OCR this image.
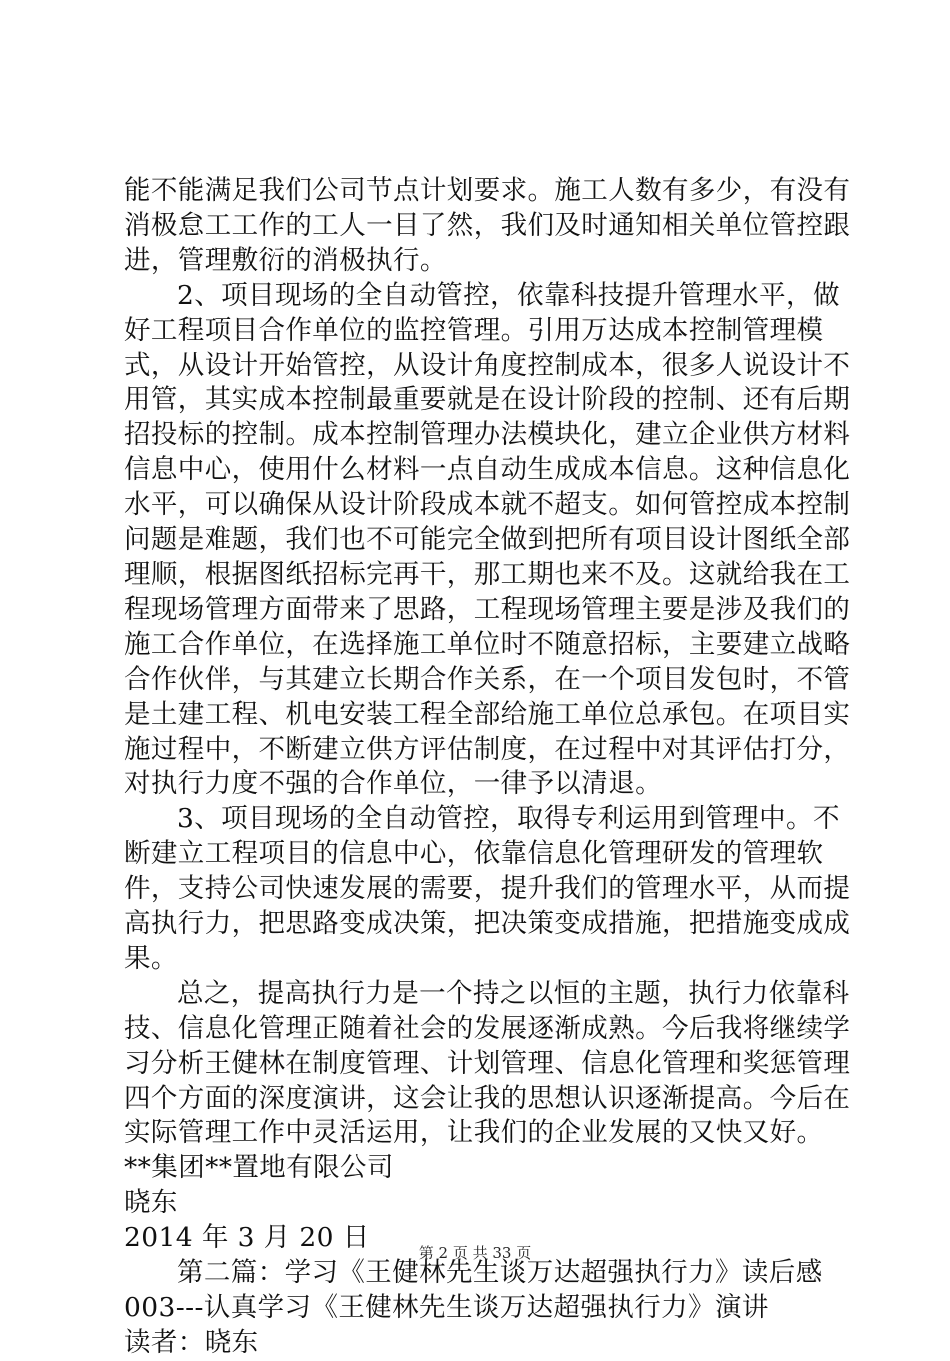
能不能满足我们公司节点计划要求。施工人数有多少，有没有消极怠工工作的工人一目了然，我们及时通知相关单位管控跟进，管理敷衍的消极执行。

2、项目现场的全自动管控，依靠科技提升管理水平，做好工程项目合作单位的监控管理。引用万达成本控制管理模式，从设计开始管控，从设计角度控制成本，很多人说设计不用管，其实成本控制最重要就是在设计阶段的控制、还有后期招投标的控制。成本控制管理办法模块化，建立企业供方材料信息中心，使用什么材料一点自动生成成本信息。这种信息化水平，可以确保从设计阶段成本就不超支。如何管控成本控制问题是难题，我们也不可能完全做到把所有项目设计图纸全部理顺，根据图纸招标完再干，那工期也来不及。这就给我在工程现场管理方面带来了思路，工程现场管理主要是涉及我们的施工合作单位，在选择施工单位时不随意招标，主要建立战略合作伙伴，与其建立长期合作关系，在一个项目发包时，不管是土建工程、机电安装工程全部给施工单位总承包。在项目实施过程中，不断建立供方评估制度，在过程中对其评估打分，对执行力度不强的合作单位，一律予以清退。

3、项目现场的全自动管控，取得专利运用到管理中。不断建立工程项目的信息中心，依靠信息化管理研发的管理软件，支持公司快速发展的需要，提升我们的管理水平，从而提高执行力，把思路变成决策，把决策变成措施，把措施变成成果。

总之，提高执行力是一个持之以恒的主题，执行力依靠科技、信息化管理正随着社会的发展逐渐成熟。今后我将继续学习分析王健林在制度管理、计划管理、信息化管理和奖惩管理四个方面的深度演讲，这会让我的思想认识逐渐提高。今后在实际管理工作中灵活运用，让我们的企业发展的又快又好。

**集团**置地有限公司

晓东

2014 年 3 月 20 日

第二篇：学习《王健林先生谈万达超强执行力》读后感003---认真学习《王健林先生谈万达超强执行力》演讲

读者：晓东

第 2 页 共 33 页
